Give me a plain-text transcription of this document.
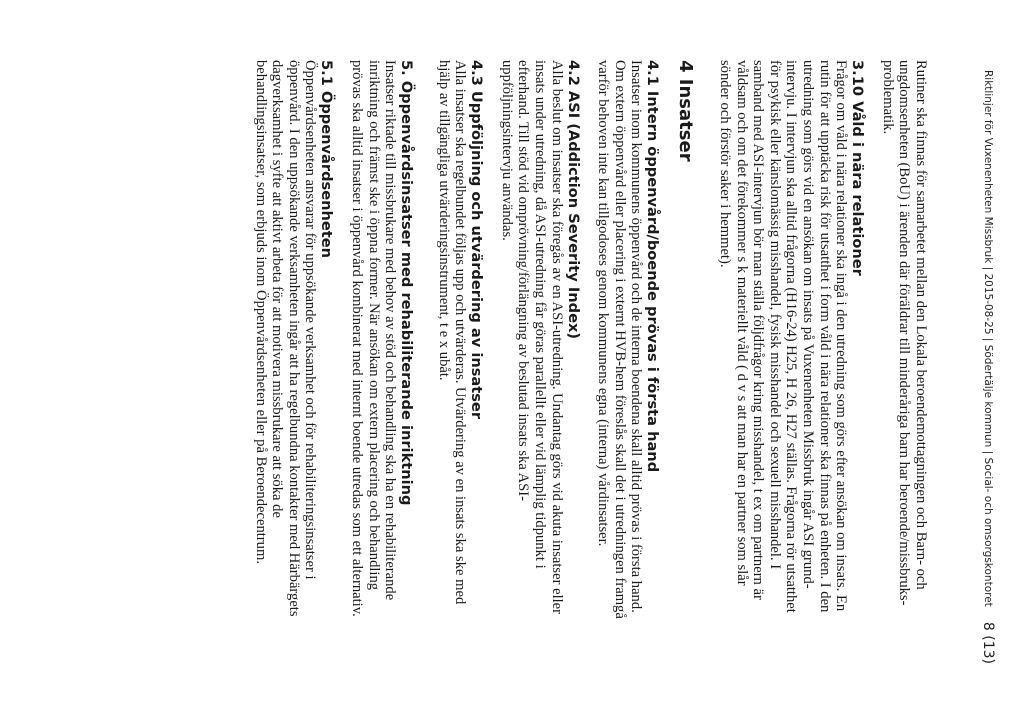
Riktlinjer för Vuxenenheten Missbruk | 2015-08-25 | Södertälje kommun | Social- och omsorgskontoret
8 (13)

Rutiner ska finnas för samarbetet mellan den Lokala beroendemottagningen och Barn- och ungdomsenheten (BoU) i ärenden där föräldrar till minderåriga barn har beroende/missbruks-problematik.

3.10 Våld i nära relationer

Frågor om våld i nära relationer ska ingå i den utredning som görs efter ansökan om insats. En rutin för att upptäcka risk för utsatthet i form våld i nära relationer ska finnas på enheten. I den utredning som görs vid en ansökan om insats på Vuxenenheten Missbruk ingår ASI grund-intervju. I intervjun ska alltid frågorna (H16-24) H25, H 26, H27 ställas. Frågorna rör utsatthet för psykisk eller känslomässig misshandel, fysisk misshandel och sexuell misshandel. I samband med ASI-intervjun bör man ställa följdfrågor kring misshandel, t ex om partnern är våldsam och om det förekommer s k materiellt våld ( d v s att man har en partner som slår sönder och förstör saker i hemmet).

4 Insatser
4.1 Intern öppenvård/boende prövas i första hand

Insatser inom kommunens öppenvård och de interna boendena skall alltid prövas i första hand. Om extern öppenvård eller placering i externt HVB-hem föreslås skall det i utredningen framgå varför behoven inte kan tillgodoses genom kommunens egna (interna) vårdinsatser.

4.2 ASI (Addiction Severity Index)

Alla beslut om insatser ska föregås av en ASI-utredning. Undantag görs vid akuta insatser eller insats under utredning, då ASI-utredning får göras parallellt eller vid lämplig tidpunkt i efterhand. Till stöd vid omprövning/förlängning av beslutad insats ska ASI-uppföljningsintervju användas.

4.3 Uppföljning och utvärdering av insatser

Alla insatser ska regelbundet följas upp och utvärderas. Utvärdering av en insats ska ske med hjälp av tillgängliga utvärderingsinstrument, t e x ubåt.

5. Öppenvårdsinsatser med rehabiliterande inriktning

Insatser riktade till missbrukare med behov av stöd och behandling ska ha en rehabiliterande inriktning och främst ske i öppna former. När ansökan om extern placering och behandling prövas ska alltid insatser i öppenvård kombinerat med internt boende utredas som ett alternativ.

5.1 Öppenvårdsenheten

Öppenvårdsenheten ansvarar för uppsökande verksamhet och för rehabiliteringsinsatser i öppenvård. I den uppsökande verksamheten ingår att ha regelbundna kontakter med Härbärgets dagverksamhet i syfte att aktivt arbeta för att motivera missbrukare att söka de behandlingsinsatser, som erbjuds inom Öppenvårdsenheten eller på Beroendecentrum.
